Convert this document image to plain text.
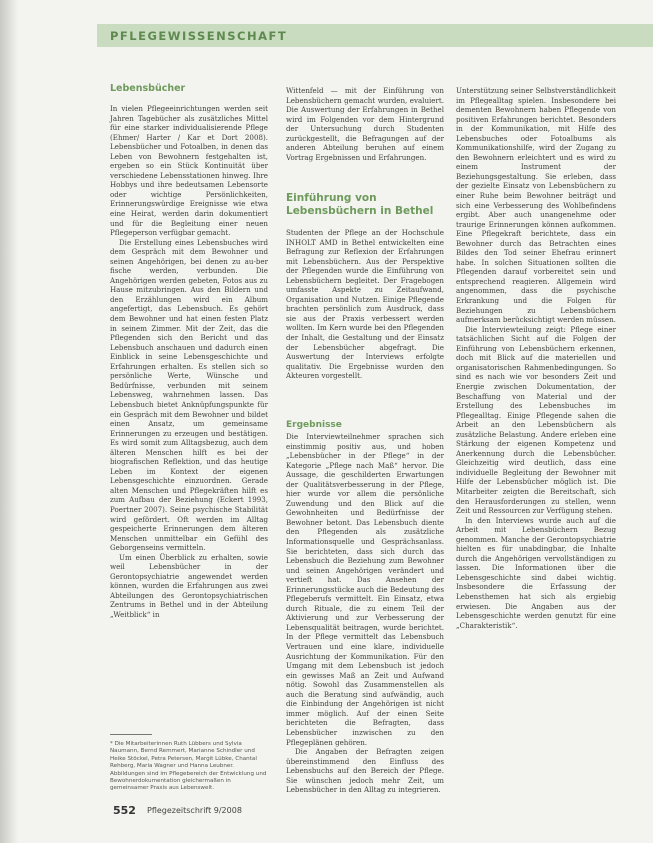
PFLEGEWISSENSCHAFT
Lebensbücher

In vielen Pflegeeinrichtungen werden seit Jahren Tagebücher als zusätzliches Mittel für eine starker individualisierende Pflege (Ehmer/ Harter / Kar et Dort 2008). Lebensbücher und Fotoalben, in denen das Leben von Bewohnern festgehalten ist, ergeben so ein Stück Kontinuität über verschiedene Lebensstationen hinweg. Ihre Hobbys und ihre bedeutsamen Lebensorte oder wichtige Persönlichkeiten, Erinnerungswürdige Ereignisse wie etwa eine Heirat, werden darin dokumentiert und für die Begleitung einer neuen Pflegeperson verfügbar gemacht.

Die Erstellung eines Lebensbuches wird dem Gespräch mit dem Bewohner und seinen Angehörigen, bei denen zu au-ber fische werden, verbunden. Die Angehörigen werden gebeten, Fotos aus zu Hause mitzubringen. Aus den Bildern und den Erzählungen wird ein Album angefertigt, das Lebensbuch. Es gehört dem Bewohner und hat einen festen Platz in seinem Zimmer. Mit der Zeit, das die Pflegenden sich den Bericht und das Lebensbuch anschauen und dadurch einen Einblick in seine Lebensgeschichte und Erfahrungen erhalten. Es stellen sich so persönliche Werte, Wünsche und Bedürfnisse, verbunden mit seinem Lebensweg, wahrnehmen lassen. Das Lebensbuch bietet Anknüpfungspunkte für ein Gespräch mit dem Bewohner und bildet einen Ansatz, um gemeinsame Erinnerungen zu erzeugen und bestätigen. Es wird somit zum Alltagsbezug, auch dem älteren Menschen hilft es bei der biografischen Reflektion, und das heutige Leben im Kontext der eigenen Lebensgeschichte einzuordnen. Gerade alten Menschen und Pflegekräften hilft es zum Aufbau der Beziehung (Eckert 1993, Poertner 2007). Seine psychische Stabilität wird gefördert. Oft werden im Alltag gespeicherte Erinnerungen dem älteren Menschen unmittelbar ein Gefühl des Geborgenseins vermitteln.

Um einen Überblick zu erhalten, sowie weil Lebensbücher in der Gerontopsychiatrie angewendet werden können, wurden die Erfahrungen aus zwei Abteilungen des Gerontopsychiatrischen Zentrums in Bethel und in der Abteilung „Weitblick“ in

* Die Mitarbeiterinnen Ruth Lübbers und Sylvia Naumann, Bernd Remmert, Marianne Schindler und Heike Stöckel, Petra Petersen, Margit Lübke, Chantal Rehberg, Maria Wagner und Hanna Leubner. Abbildungen sind im Pflegebereich der Entwicklung und Bewohnerdokumentation gleichermaßen in gemeinsamer Praxis aus Lebenswelt.

Wittenfeld — mit der Einführung von Lebensbüchern gemacht wurden, evaluiert. Die Auswertung der Erfahrungen in Bethel wird im Folgenden vor dem Hintergrund der Untersuchung durch Studenten zurückgestellt, die Befragungen auf der anderen Abteilung beruhen auf einem Vortrag Ergebnissen und Erfahrungen.

Einführung von Lebensbüchern in Bethel

Studenten der Pflege an der Hochschule INHOLT AMD in Bethel entwickelten eine Befragung zur Reflexion der Erfahrungen mit Lebensbüchern. Aus der Perspektive der Pflegenden wurde die Einführung von Lebensbüchern begleitet. Der Fragebogen umfasste Aspekte zu Zeitaufwand, Organisation und Nutzen. Einige Pflegende brachten persönlich zum Ausdruck, dass sie aus der Praxis verbessert werden wollten. Im Kern wurde bei den Pflegenden der Inhalt, die Gestaltung und der Einsatz der Lebensbücher abgefragt. Die Auswertung der Interviews erfolgte qualitativ. Die Ergebnisse wurden den Akteuren vorgestellt.

Ergebnisse

Die Interviewteilnehmer sprachen sich einstimmig positiv aus, und hoben „Lebensbücher in der Pflege“ in der Kategorie „Pflege nach Maß“ hervor. Die Aussage, die geschilderten Erwartungen der Qualitätsverbesserung in der Pflege, hier wurde vor allem die persönliche Zuwendung und den Blick auf die Gewohnheiten und Bedürfnisse der Bewohner betont. Das Lebensbuch diente den Pflegenden als zusätzliche Informationsquelle und Gesprächsanlass. Sie berichteten, dass sich durch das Lebensbuch die Beziehung zum Bewohner und seinen Angehörigen verändert und vertieft hat. Das Ansehen der Erinnerungsstücke auch die Bedeutung des Pflegeberufs vermittelt. Ein Einsatz, etwa durch Rituale, die zu einem Teil der Aktivierung und zur Verbesserung der Lebensqualität beitragen, wurde berichtet. In der Pflege vermittelt das Lebensbuch Vertrauen und eine klare, individuelle Ausrichtung der Kommunikation. Für den Umgang mit dem Lebensbuch ist jedoch ein gewisses Maß an Zeit und Aufwand nötig. Sowohl das Zusammenstellen als auch die Beratung sind aufwändig, auch die Einbindung der Angehörigen ist nicht immer möglich. Auf der einen Seite berichteten die Befragten, dass Lebensbücher inzwischen zu den Pflegeplänen gehören.

Die Angaben der Befragten zeigen übereinstimmend den Einfluss des Lebensbuchs auf den Bereich der Pflege. Sie wünschen jedoch mehr Zeit, um Lebensbücher in den Alltag zu integrieren.

Unterstützung seiner Selbstverständlichkeit im Pflegealltag spielen. Insbesondere bei dementen Bewohnern haben Pflegende von positiven Erfahrungen berichtet. Besonders in der Kommunikation, mit Hilfe des Lebensbuches oder Fotoalbums als Kommunikationshilfe, wird der Zugang zu den Bewohnern erleichtert und es wird zu einem Instrument der Beziehungsgestaltung. Sie erleben, dass der gezielte Einsatz von Lebensbüchern zu einer Ruhe beim Bewohner beiträgt und sich eine Verbesserung des Wohlbefindens ergibt. Aber auch unangenehme oder traurige Erinnerungen können aufkommen. Eine Pflegekraft berichtete, dass ein Bewohner durch das Betrachten eines Bildes den Tod seiner Ehefrau erinnert habe. In solchen Situationen sollten die Pflegenden darauf vorbereitet sein und entsprechend reagieren. Allgemein wird angenommen, dass die psychische Erkrankung und die Folgen für Beziehungen zu Lebensbüchern aufmerksam berücksichtigt werden müssen.

Die Interviewteilung zeigt: Pflege einer tatsächlichen Sicht auf die Folgen der Einführung von Lebensbüchern erkennen, doch mit Blick auf die materiellen und organisatorischen Rahmenbedingungen. So sind es nach wie vor besonders Zeit und Energie zwischen Dokumentation, der Beschaffung von Material und der Erstellung des Lebensbuches im Pflegealltag. Einige Pflegende sahen die Arbeit an den Lebensbüchern als zusätzliche Belastung. Andere erleben eine Stärkung der eigenen Kompetenz und Anerkennung durch die Lebensbücher. Gleichzeitig wird deutlich, dass eine individuelle Begleitung der Bewohner mit Hilfe der Lebensbücher möglich ist. Die Mitarbeiter zeigten die Bereitschaft, sich den Herausforderungen zu stellen, wenn Zeit und Ressourcen zur Verfügung stehen.

In den Interviews wurde auch auf die Arbeit mit Lebensbüchern Bezug genommen. Manche der Gerontopsychiatrie hielten es für unabdingbar, die Inhalte durch die Angehörigen vervollständigen zu lassen. Die Informationen über die Lebensgeschichte sind dabei wichtig. Insbesondere die Erfassung der Lebensthemen hat sich als ergiebig erwiesen. Die Angaben aus der Lebensgeschichte werden genutzt für eine „Charakteristik“.

552 Pflegezeitschrift 9/2008
